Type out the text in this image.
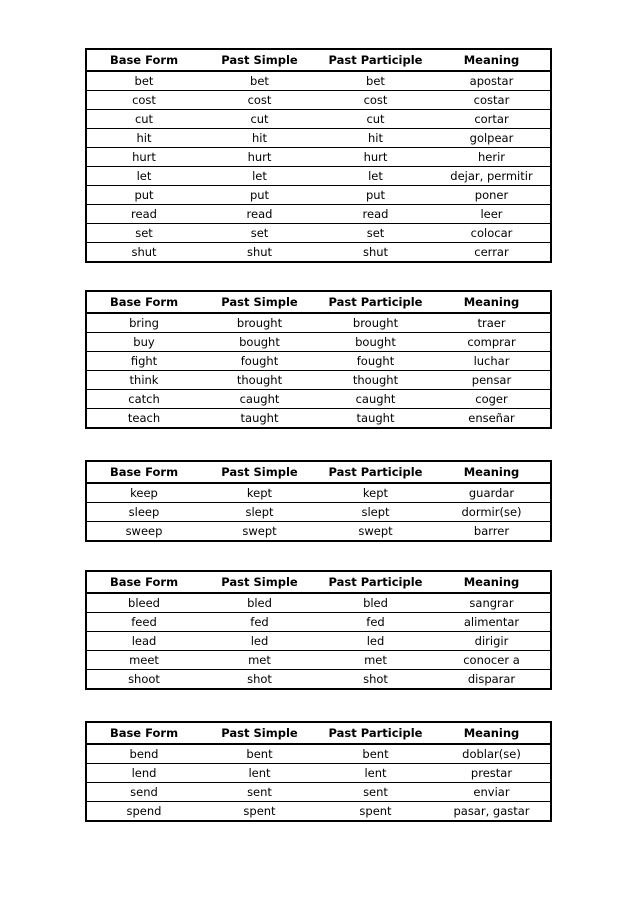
Base Form	Past Simple	Past Participle	Meaning
bet	bet	bet	apostar
cost	cost	cost	costar
cut	cut	cut	cortar
hit	hit	hit	golpear
hurt	hurt	hurt	herir
let	let	let	dejar, permitir
put	put	put	poner
read	read	read	leer
set	set	set	colocar
shut	shut	shut	cerrar
Base Form	Past Simple	Past Participle	Meaning
bring	brought	brought	traer
buy	bought	bought	comprar
fight	fought	fought	luchar
think	thought	thought	pensar
catch	caught	caught	coger
teach	taught	taught	enseñar
Base Form	Past Simple	Past Participle	Meaning
keep	kept	kept	guardar
sleep	slept	slept	dormir(se)
sweep	swept	swept	barrer
Base Form	Past Simple	Past Participle	Meaning
bleed	bled	bled	sangrar
feed	fed	fed	alimentar
lead	led	led	dirigir
meet	met	met	conocer a
shoot	shot	shot	disparar
Base Form	Past Simple	Past Participle	Meaning
bend	bent	bent	doblar(se)
lend	lent	lent	prestar
send	sent	sent	enviar
spend	spent	spent	pasar, gastar
